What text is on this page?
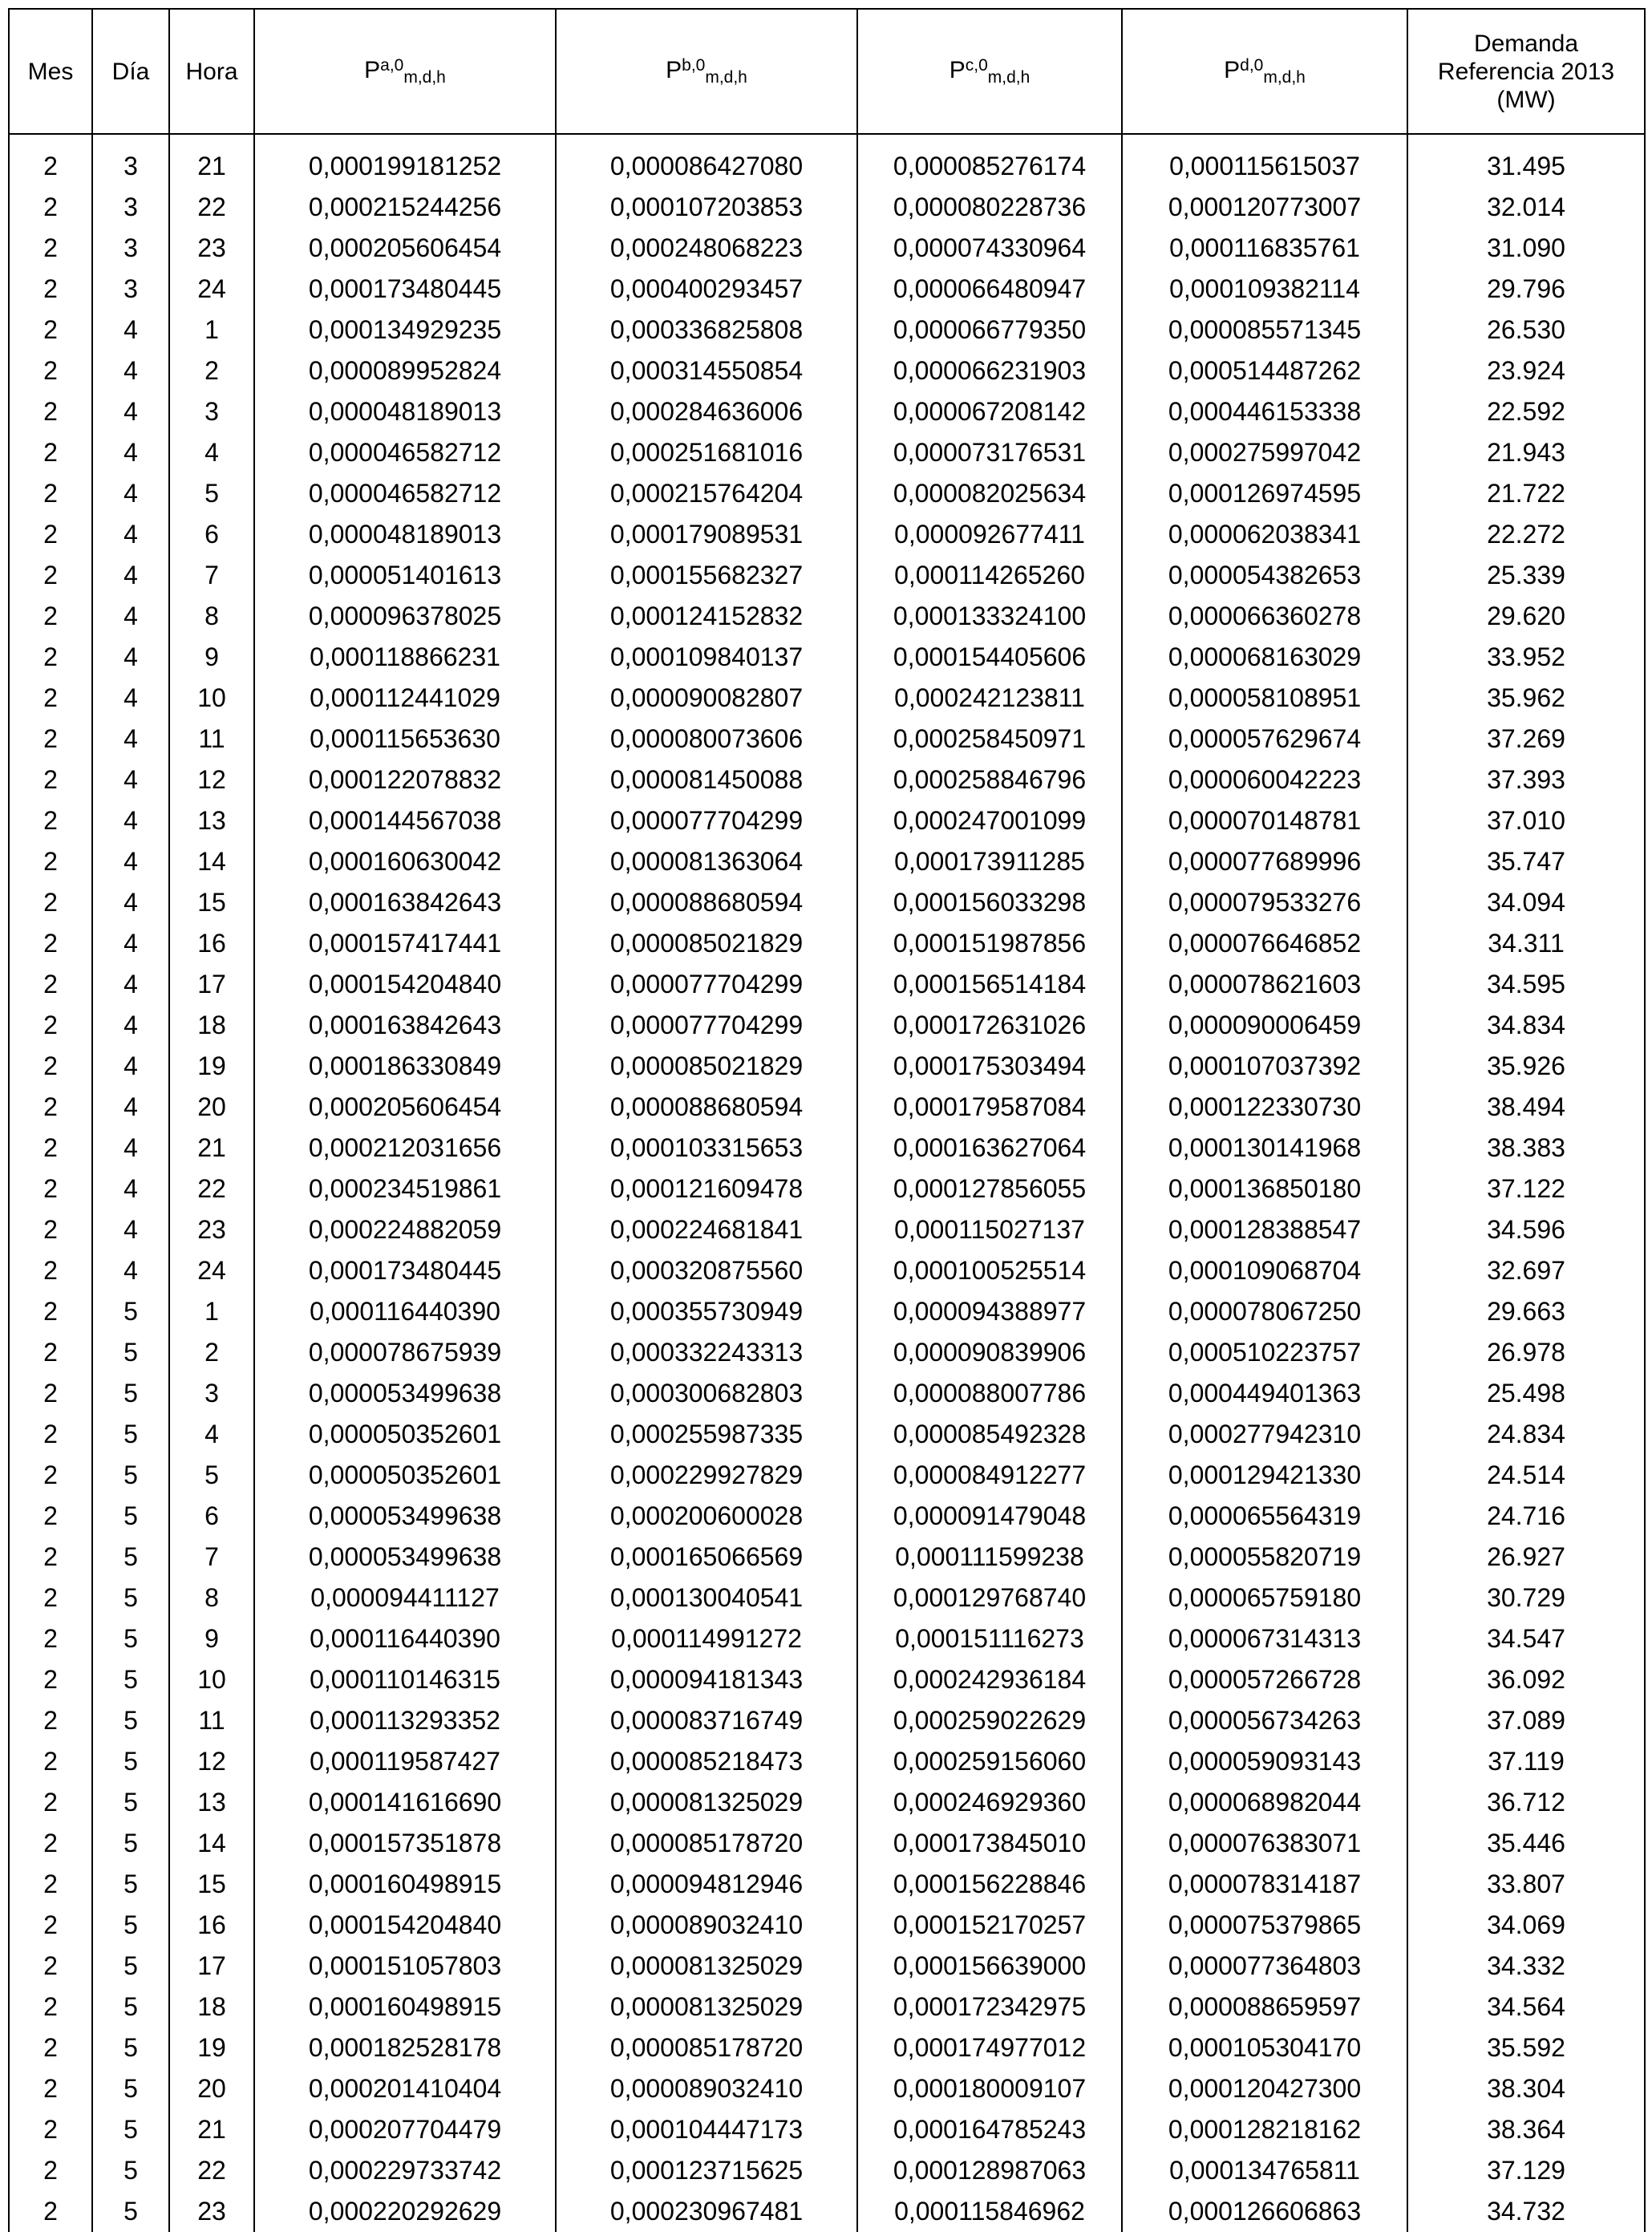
Mes	Día	Hora	P$^{a,0}_{m,d,h}$	P$^{b,0}_{m,d,h}$	P$^{c,0}_{m,d,h}$	P$^{d,0}_{m,d,h}$	Demanda
Referencia 2013
(MW)

2	3	21	0,000199181252	0,000086427080	0,000085276174	0,000115615037	31.495
2	3	22	0,000215244256	0,000107203853	0,000080228736	0,000120773007	32.014
2	3	23	0,000205606454	0,000248068223	0,000074330964	0,000116835761	31.090
2	3	24	0,000173480445	0,000400293457	0,000066480947	0,000109382114	29.796
2	4	1	0,000134929235	0,000336825808	0,000066779350	0,000085571345	26.530
2	4	2	0,000089952824	0,000314550854	0,000066231903	0,000514487262	23.924
2	4	3	0,000048189013	0,000284636006	0,000067208142	0,000446153338	22.592
2	4	4	0,000046582712	0,000251681016	0,000073176531	0,000275997042	21.943
2	4	5	0,000046582712	0,000215764204	0,000082025634	0,000126974595	21.722
2	4	6	0,000048189013	0,000179089531	0,000092677411	0,000062038341	22.272
2	4	7	0,000051401613	0,000155682327	0,000114265260	0,000054382653	25.339
2	4	8	0,000096378025	0,000124152832	0,000133324100	0,000066360278	29.620
2	4	9	0,000118866231	0,000109840137	0,000154405606	0,000068163029	33.952
2	4	10	0,000112441029	0,000090082807	0,000242123811	0,000058108951	35.962
2	4	11	0,000115653630	0,000080073606	0,000258450971	0,000057629674	37.269
2	4	12	0,000122078832	0,000081450088	0,000258846796	0,000060042223	37.393
2	4	13	0,000144567038	0,000077704299	0,000247001099	0,000070148781	37.010
2	4	14	0,000160630042	0,000081363064	0,000173911285	0,000077689996	35.747
2	4	15	0,000163842643	0,000088680594	0,000156033298	0,000079533276	34.094
2	4	16	0,000157417441	0,000085021829	0,000151987856	0,000076646852	34.311
2	4	17	0,000154204840	0,000077704299	0,000156514184	0,000078621603	34.595
2	4	18	0,000163842643	0,000077704299	0,000172631026	0,000090006459	34.834
2	4	19	0,000186330849	0,000085021829	0,000175303494	0,000107037392	35.926
2	4	20	0,000205606454	0,000088680594	0,000179587084	0,000122330730	38.494
2	4	21	0,000212031656	0,000103315653	0,000163627064	0,000130141968	38.383
2	4	22	0,000234519861	0,000121609478	0,000127856055	0,000136850180	37.122
2	4	23	0,000224882059	0,000224681841	0,000115027137	0,000128388547	34.596
2	4	24	0,000173480445	0,000320875560	0,000100525514	0,000109068704	32.697
2	5	1	0,000116440390	0,000355730949	0,000094388977	0,000078067250	29.663
2	5	2	0,000078675939	0,000332243313	0,000090839906	0,000510223757	26.978
2	5	3	0,000053499638	0,000300682803	0,000088007786	0,000449401363	25.498
2	5	4	0,000050352601	0,000255987335	0,000085492328	0,000277942310	24.834
2	5	5	0,000050352601	0,000229927829	0,000084912277	0,000129421330	24.514
2	5	6	0,000053499638	0,000200600028	0,000091479048	0,000065564319	24.716
2	5	7	0,000053499638	0,000165066569	0,000111599238	0,000055820719	26.927
2	5	8	0,000094411127	0,000130040541	0,000129768740	0,000065759180	30.729
2	5	9	0,000116440390	0,000114991272	0,000151116273	0,000067314313	34.547
2	5	10	0,000110146315	0,000094181343	0,000242936184	0,000057266728	36.092
2	5	11	0,000113293352	0,000083716749	0,000259022629	0,000056734263	37.089
2	5	12	0,000119587427	0,000085218473	0,000259156060	0,000059093143	37.119
2	5	13	0,000141616690	0,000081325029	0,000246929360	0,000068982044	36.712
2	5	14	0,000157351878	0,000085178720	0,000173845010	0,000076383071	35.446
2	5	15	0,000160498915	0,000094812946	0,000156228846	0,000078314187	33.807
2	5	16	0,000154204840	0,000089032410	0,000152170257	0,000075379865	34.069
2	5	17	0,000151057803	0,000081325029	0,000156639000	0,000077364803	34.332
2	5	18	0,000160498915	0,000081325029	0,000172342975	0,000088659597	34.564
2	5	19	0,000182528178	0,000085178720	0,000174977012	0,000105304170	35.592
2	5	20	0,000201410404	0,000089032410	0,000180009107	0,000120427300	38.304
2	5	21	0,000207704479	0,000104447173	0,000164785243	0,000128218162	38.364
2	5	22	0,000229733742	0,000123715625	0,000128987063	0,000134765811	37.129
2	5	23	0,000220292629	0,000230967481	0,000115846962	0,000126606863	34.732
